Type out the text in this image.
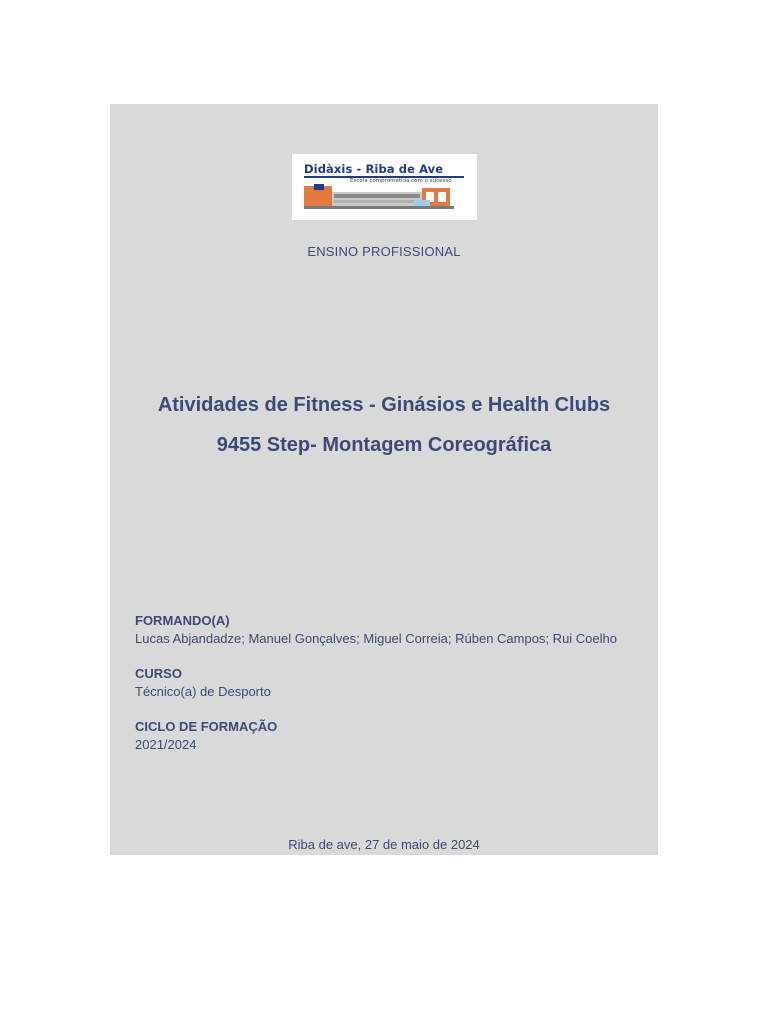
Didàxis - Riba de Ave
Escola comprometida com o sucesso
ENSINO PROFISSIONAL
Atividades de Fitness - Ginásios e Health Clubs
9455 Step- Montagem Coreográfica
FORMANDO(A)
Lucas Abjandadze; Manuel Gonçalves; Miguel Correia; Rúben Campos; Rui Coelho
CURSO
Técnico(a) de Desporto
CICLO DE FORMAÇÃO
2021/2024
Riba de ave, 27 de maio de 2024
